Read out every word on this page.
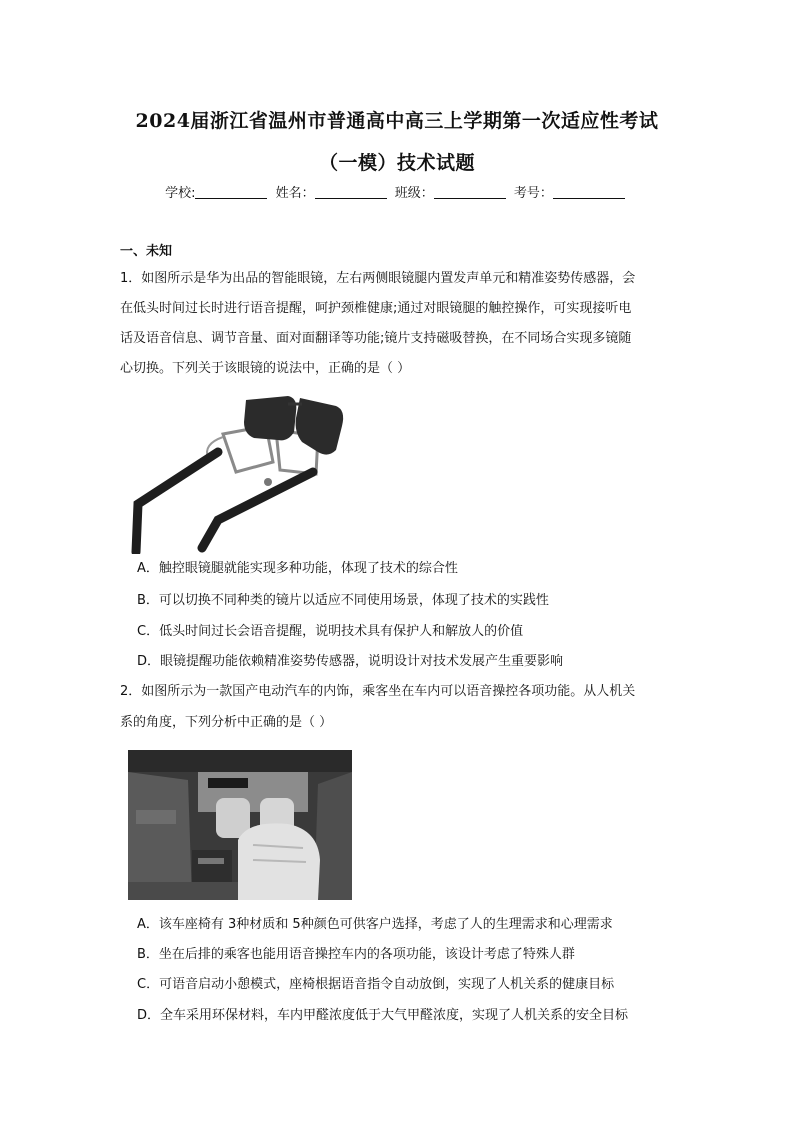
2024届浙江省温州市普通高中高三上学期第一次适应性考试
（一模）技术试题
学校:	姓名：	班级：	考号：
一、未知
1．如图所示是华为出品的智能眼镜，左右两侧眼镜腿内置发声单元和精准姿势传感器，会
在低头时间过长时进行语音提醒，呵护颈椎健康;通过对眼镜腿的触控操作，可实现接听电
话及语音信息、调节音量、面对面翻译等功能;镜片支持磁吸替换，在不同场合实现多镜随
心切换。下列关于该眼镜的说法中，正确的是（ ）
A．触控眼镜腿就能实现多种功能，体现了技术的综合性
B．可以切换不同种类的镜片以适应不同使用场景，体现了技术的实践性
C．低头时间过长会语音提醒，说明技术具有保护人和解放人的价值
D．眼镜提醒功能依赖精准姿势传感器，说明设计对技术发展产生重要影响
2．如图所示为一款国产电动汽车的内饰，乘客坐在车内可以语音操控各项功能。从人机关
系的角度，下列分析中正确的是（ ）
A．该车座椅有 3种材质和 5种颜色可供客户选择，考虑了人的生理需求和心理需求
B．坐在后排的乘客也能用语音操控车内的各项功能，该设计考虑了特殊人群
C．可语音启动小憩模式，座椅根据语音指令自动放倒，实现了人机关系的健康目标
D．全车采用环保材料，车内甲醛浓度低于大气甲醛浓度，实现了人机关系的安全目标
